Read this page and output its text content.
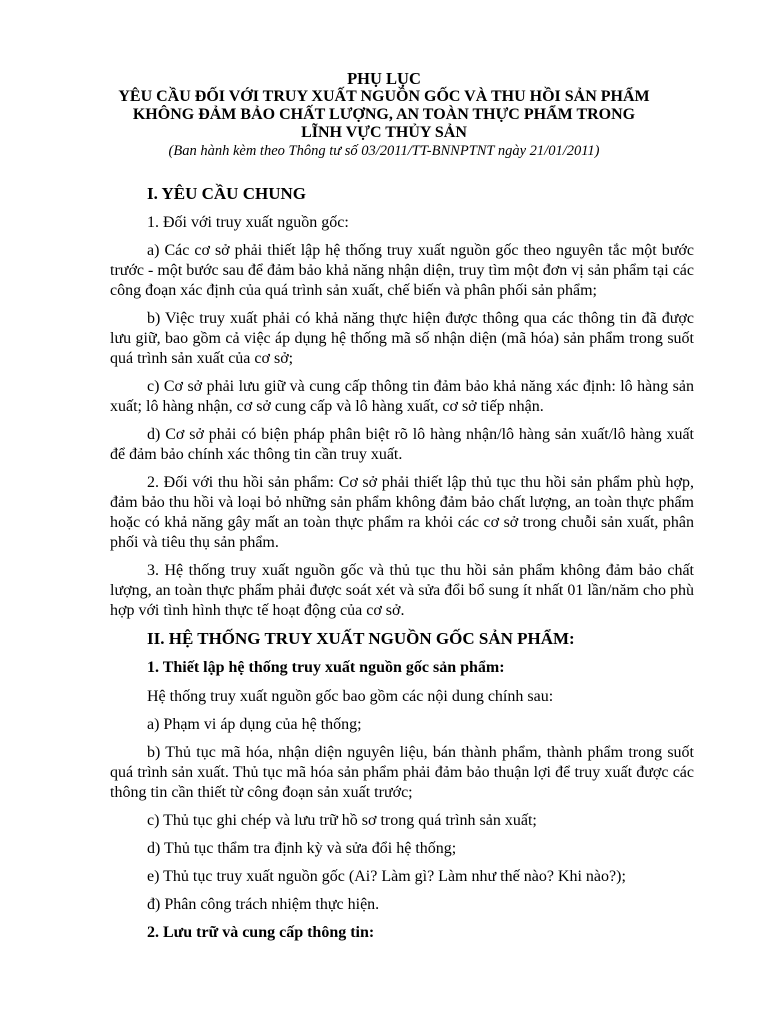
PHỤ LỤC
YÊU CẦU ĐỐI VỚI TRUY XUẤT NGUỒN GỐC VÀ THU HỒI SẢN PHẨM
KHÔNG ĐẢM BẢO CHẤT LƯỢNG, AN TOÀN THỰC PHẨM TRONG
LĨNH VỰC THỦY SẢN
(Ban hành kèm theo Thông tư số 03/2011/TT-BNNPTNT ngày 21/01/2011)
I. YÊU CẦU CHUNG

1. Đối với truy xuất nguồn gốc:

a) Các cơ sở phải thiết lập hệ thống truy xuất nguồn gốc theo nguyên tắc một bước trước - một bước sau để đảm bảo khả năng nhận diện, truy tìm một đơn vị sản phẩm tại các công đoạn xác định của quá trình sản xuất, chế biến và phân phối sản phẩm;

b) Việc truy xuất phải có khả năng thực hiện được thông qua các thông tin đã được lưu giữ, bao gồm cả việc áp dụng hệ thống mã số nhận diện (mã hóa) sản phẩm trong suốt quá trình sản xuất của cơ sở;

c) Cơ sở phải lưu giữ và cung cấp thông tin đảm bảo khả năng xác định: lô hàng sản xuất; lô hàng nhận, cơ sở cung cấp và lô hàng xuất, cơ sở tiếp nhận.

d) Cơ sở phải có biện pháp phân biệt rõ lô hàng nhận/lô hàng sản xuất/lô hàng xuất để đảm bảo chính xác thông tin cần truy xuất.

2. Đối với thu hồi sản phẩm: Cơ sở phải thiết lập thủ tục thu hồi sản phẩm phù hợp, đảm bảo thu hồi và loại bỏ những sản phẩm không đảm bảo chất lượng, an toàn thực phẩm hoặc có khả năng gây mất an toàn thực phẩm ra khỏi các cơ sở trong chuỗi sản xuất, phân phối và tiêu thụ sản phẩm.

3. Hệ thống truy xuất nguồn gốc và thủ tục thu hồi sản phẩm không đảm bảo chất lượng, an toàn thực phẩm phải được soát xét và sửa đổi bổ sung ít nhất 01 lần/năm cho phù hợp với tình hình thực tế hoạt động của cơ sở.

II. HỆ THỐNG TRUY XUẤT NGUỒN GỐC SẢN PHẨM:
1. Thiết lập hệ thống truy xuất nguồn gốc sản phẩm:

Hệ thống truy xuất nguồn gốc bao gồm các nội dung chính sau:

a) Phạm vi áp dụng của hệ thống;

b) Thủ tục mã hóa, nhận diện nguyên liệu, bán thành phẩm, thành phẩm trong suốt quá trình sản xuất. Thủ tục mã hóa sản phẩm phải đảm bảo thuận lợi để truy xuất được các thông tin cần thiết từ công đoạn sản xuất trước;

c) Thủ tục ghi chép và lưu trữ hồ sơ trong quá trình sản xuất;

d) Thủ tục thẩm tra định kỳ và sửa đổi hệ thống;

e) Thủ tục truy xuất nguồn gốc (Ai? Làm gì? Làm như thế nào? Khi nào?);

đ) Phân công trách nhiệm thực hiện.

2. Lưu trữ và cung cấp thông tin:
